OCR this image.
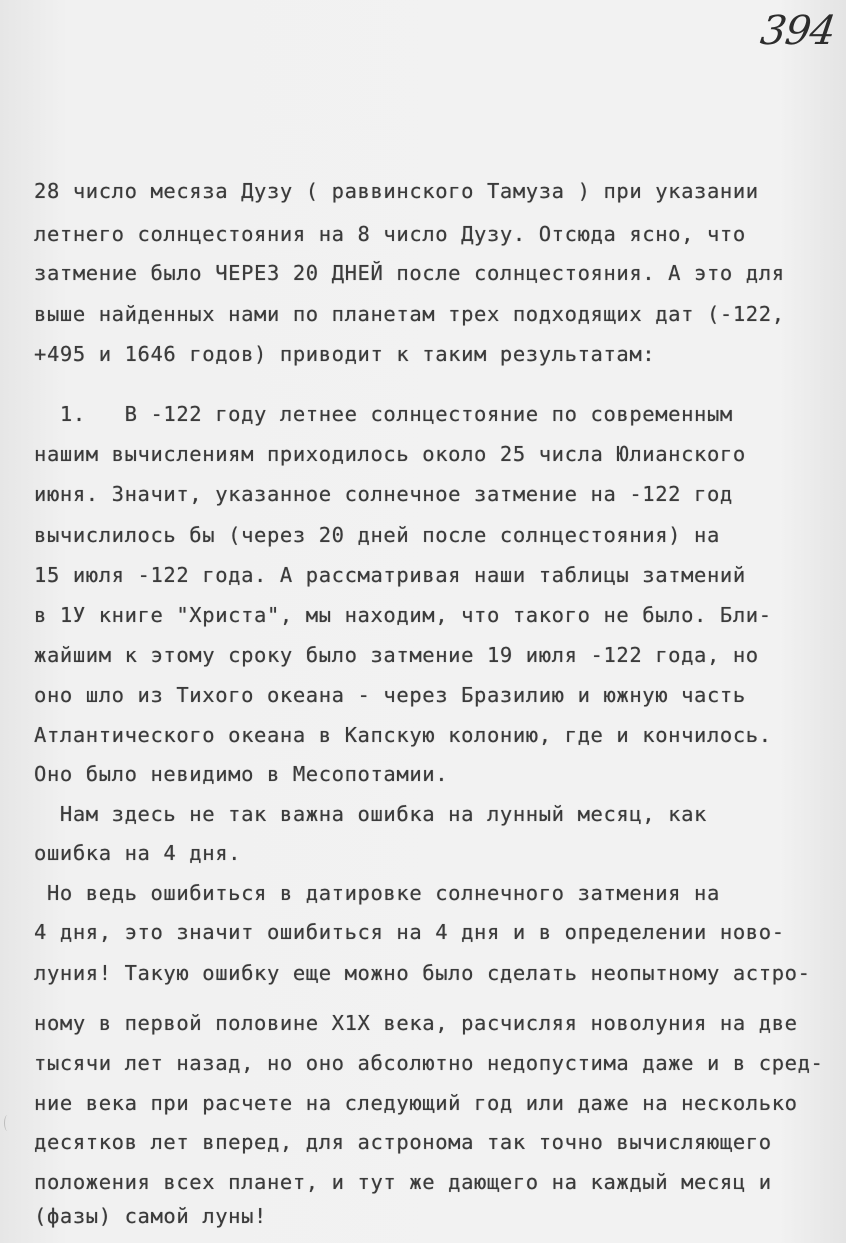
394
28 число месяза Дузу ( раввинского Тамуза ) при указании
летнего солнцестояния на 8 число Дузу. Отсюда ясно, что
затмение было ЧЕРЕЗ 20 ДНЕЙ после солнцестояния. А это для
выше найденных нами по планетам трех подходящих дат (-122,
+495 и 1646 годов) приводит к таким результатам:
1.   В -122 году летнее солнцестояние по современным
нашим вычислениям приходилось около 25 числа Юлианского
июня. Значит, указанное солнечное затмение на -122 год
вычислилось бы (через 20 дней после солнцестояния) на
15 июля -122 года. А рассматривая наши таблицы затмений
в 1У книге "Христа", мы находим, что такого не было. Бли-
жайшим к этому сроку было затмение 19 июля -122 года, но
оно шло из Тихого океана - через Бразилию и южную часть
Атлантического океана в Капскую колонию, где и кончилось.
Оно было невидимо в Месопотамии.
Нам здесь не так важна ошибка на лунный месяц, как
ошибка на 4 дня.
Но ведь ошибиться в датировке солнечного затмения на
4 дня, это значит ошибиться на 4 дня и в определении ново-
луния! Такую ошибку еще можно было сделать неопытному астро-
ному в первой половине Х1Х века, расчисляя новолуния на две
тысячи лет назад, но оно абсолютно недопустима даже и в сред-
ние века при расчете на следующий год или даже на несколько
десятков лет вперед, для астронома так точно вычисляющего
положения всех планет, и тут же дающего на каждый месяц и
(фазы) самой луны!
